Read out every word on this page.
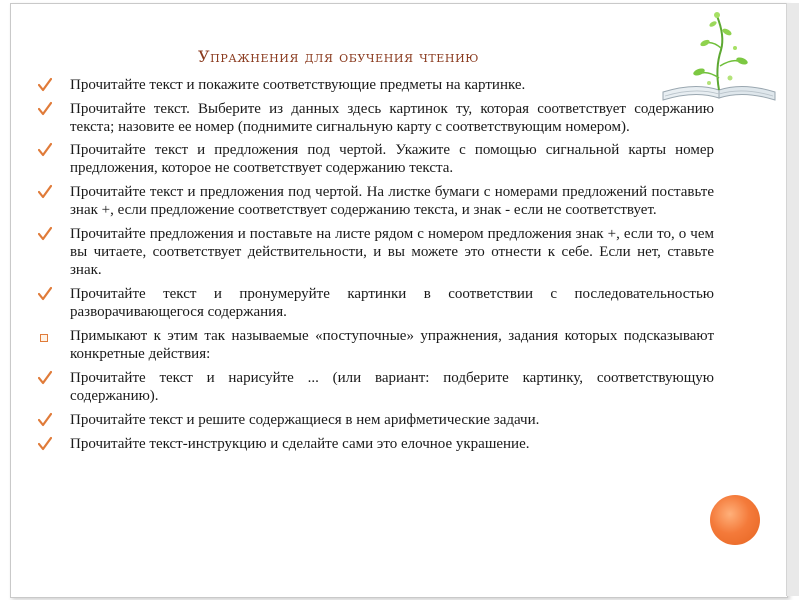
Упражнения для обучения чтению
Прочитайте текст и покажите соответствующие предметы на картинке.
Прочитайте текст. Выберите из данных здесь картинок ту, которая соответствует содержанию текста; назовите ее номер (поднимите сигнальную карту с соответствующим номером).
Прочитайте текст и предложения под чертой. Укажите с помощью сигнальной карты номер предложения, которое не соответствует содержанию текста.
Прочитайте текст и предложения под чертой. На листке бумаги с номерами предложений поставьте знак +, если предложение соответствует содержанию текста, и знак - если не соответствует.
Прочитайте предложения и поставьте на листе рядом с номером предложения знак +, если то, о чем вы читаете, соответствует действительности, и вы можете это отнести к себе. Если нет, ставьте знак.
Прочитайте текст и пронумеруйте картинки в соответствии с последовательностью разворачивающегося содержания.
Примыкают к этим так называемые «поступочные» упражнения, задания которых подсказывают конкретные действия:
Прочитайте текст и нарисуйте ... (или вариант: подберите картинку, соответствующую содержанию).
Прочитайте текст и решите содержащиеся в нем арифметические задачи.
Прочитайте текст-инструкцию и сделайте сами это елочное украшение.
